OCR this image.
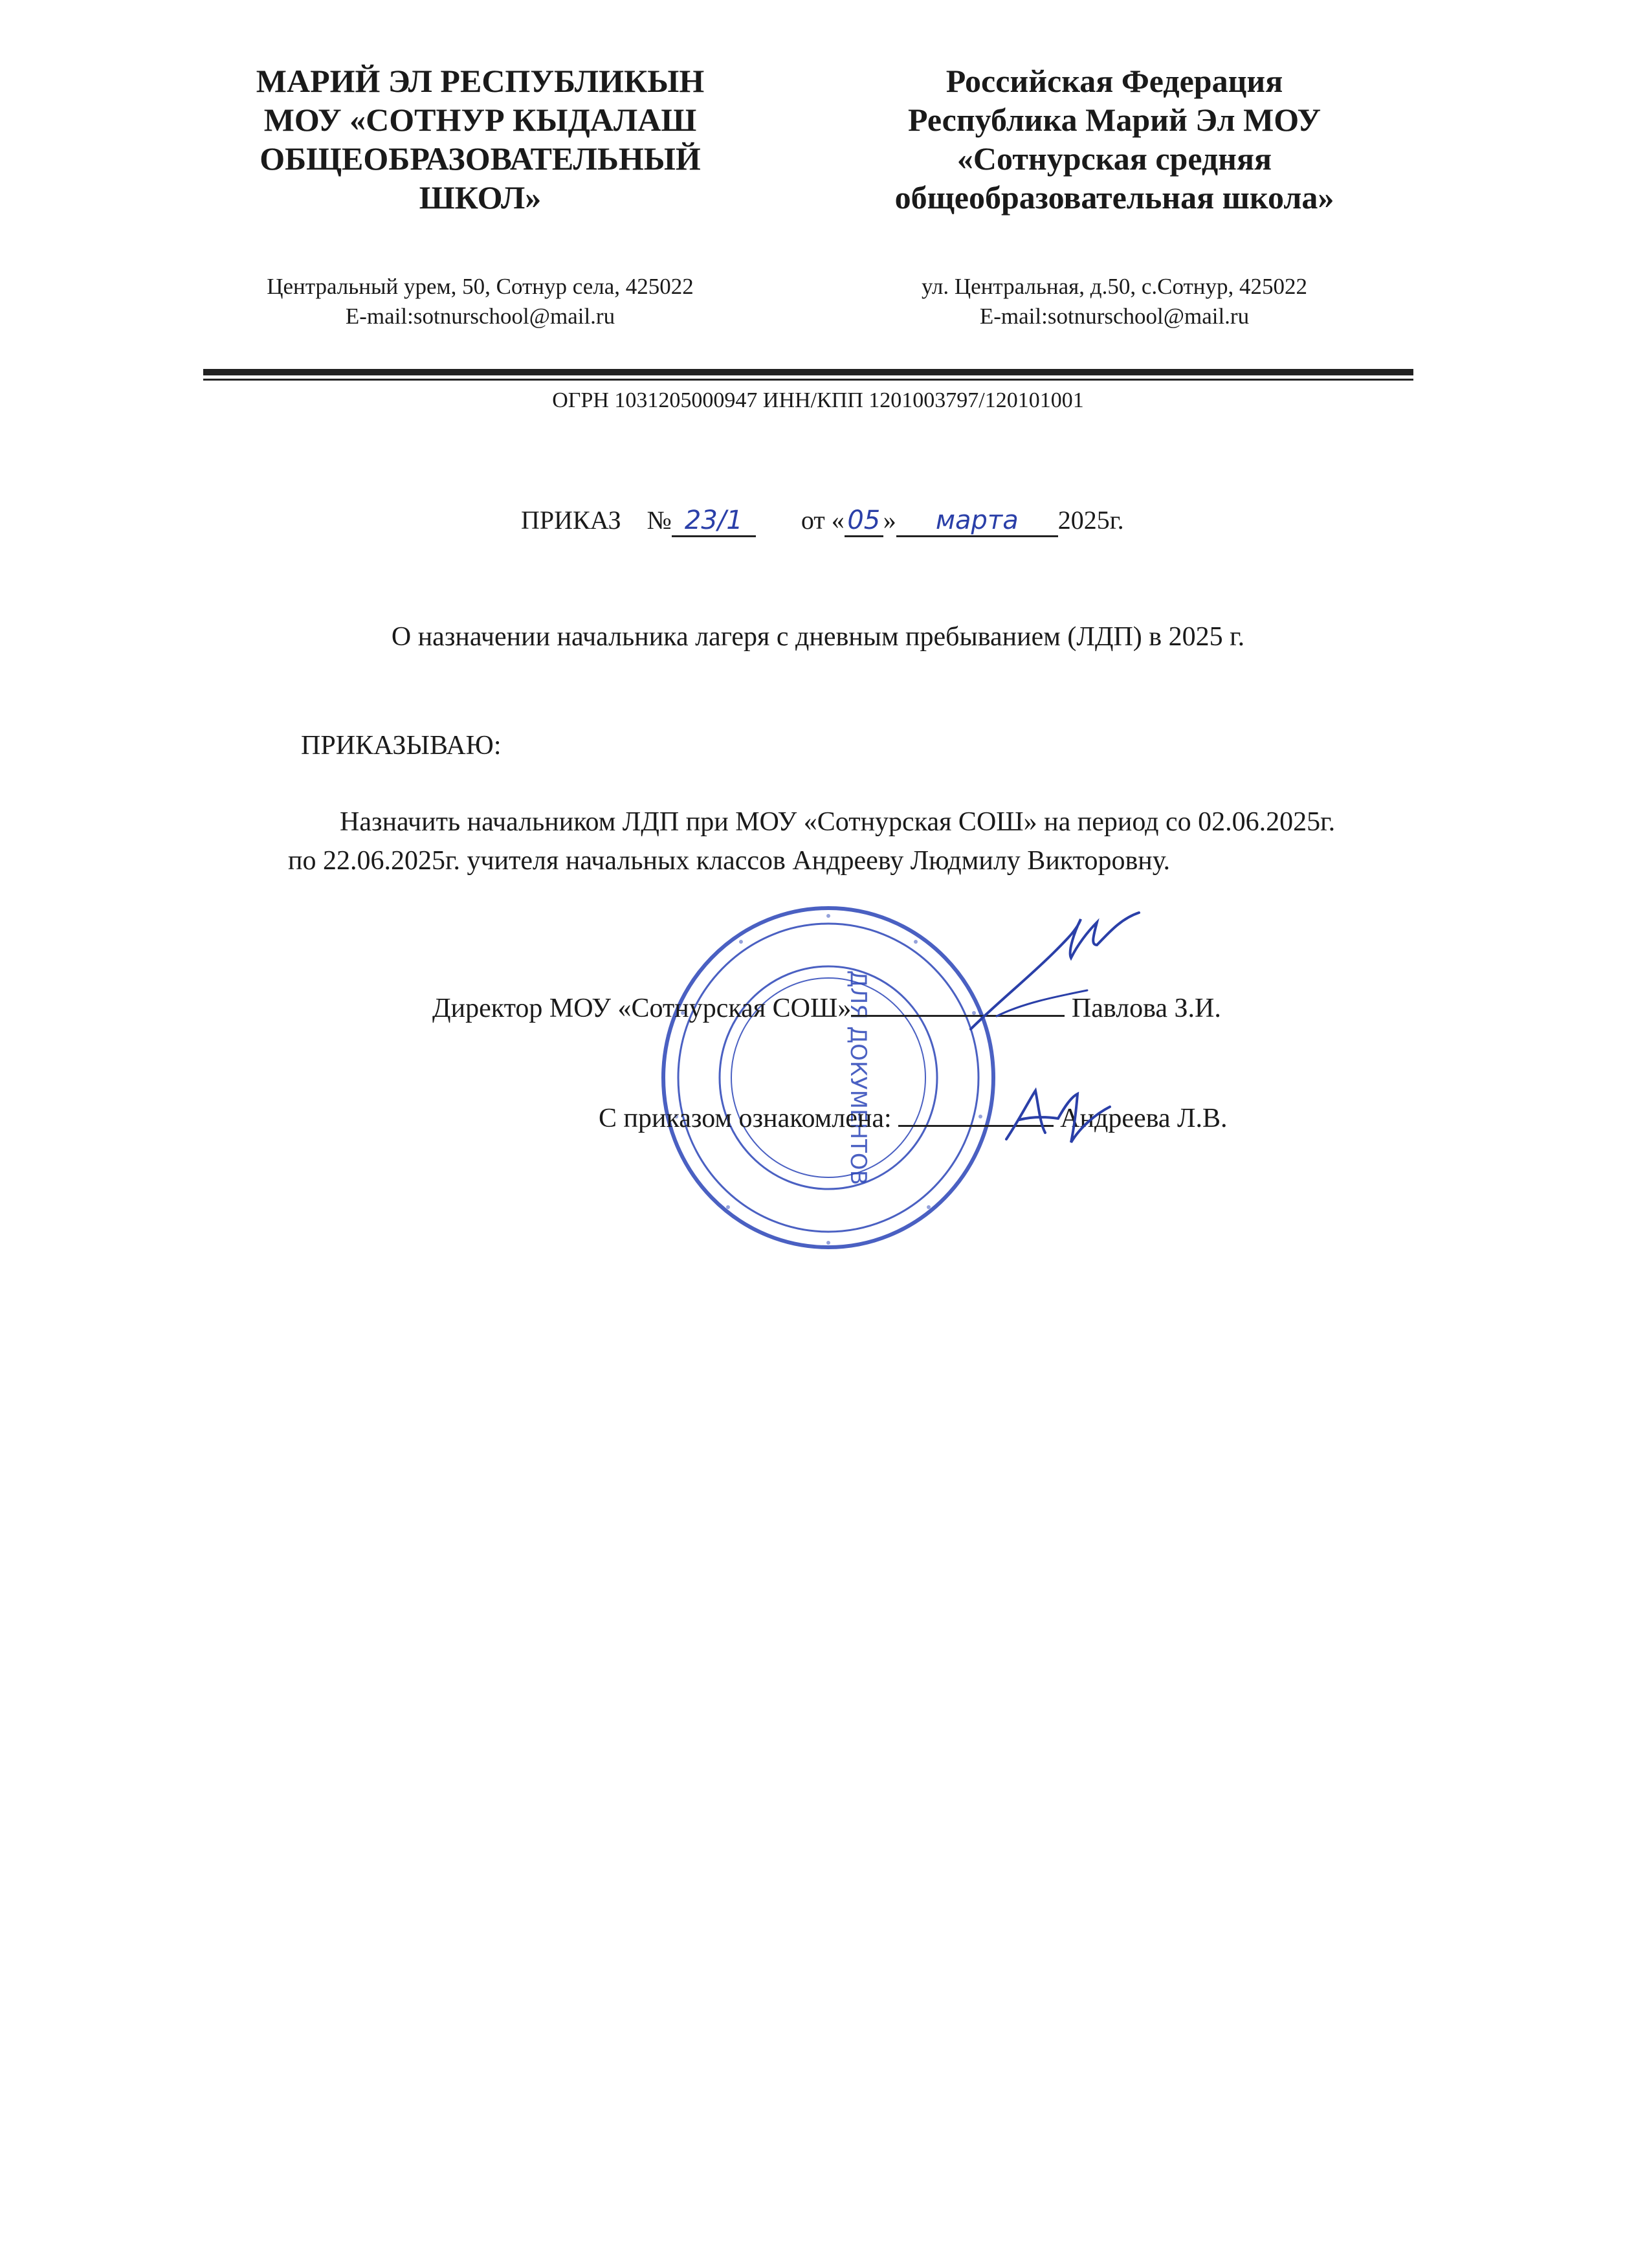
МАРИЙ ЭЛ РЕСПУБЛИКЫН
МОУ «СОТНУР КЫДАЛАШ
ОБЩЕОБРАЗОВАТЕЛЬНЫЙ
ШКОЛ»
Центральный урем, 50, Сотнур села, 425022
E-mail:sotnurschool@mail.ru
Российская Федерация
Республика Марий Эл МОУ
«Сотнурская средняя
общеобразовательная школа»
ул. Центральная, д.50, с.Сотнур, 425022
E-mail:sotnurschool@mail.ru
ОГРН 1031205000947 ИНН/КПП 1201003797/120101001
ПРИКАЗ № 23/1 от « 05 » марта 2025г.
О назначении начальника лагеря с дневным пребыванием (ЛДП) в 2025 г.
ПРИКАЗЫВАЮ:

Назначить начальником ЛДП при МОУ «Сотнурская СОШ» на период со 02.06.2025г.

по 22.06.2025г. учителя начальных классов Андрееву Людмилу Викторовну.

ДЛЯ ДОКУМЕНТОВ
Директор МОУ «Сотнурская СОШ»	Павлова З.И.
С приказом ознакомлена:	Андреева Л.В.
